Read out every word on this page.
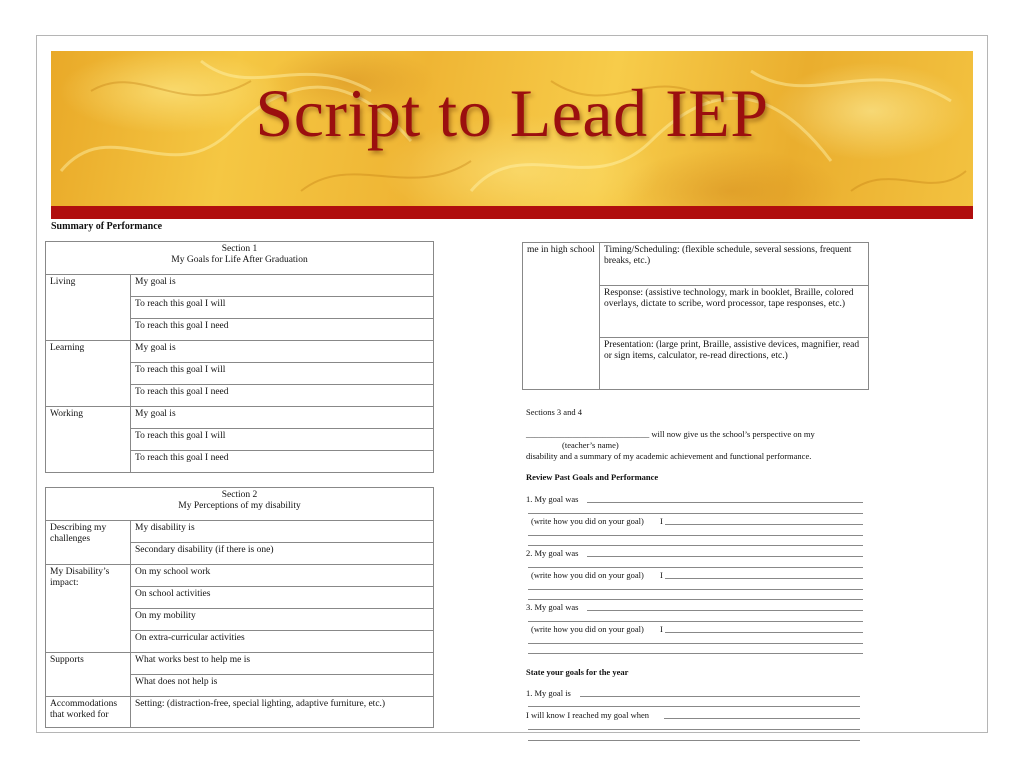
Script to Lead IEP
Summary of Performance
Section 1
My Goals for Life After Graduation	

Living	My goal is
	To reach this goal I will
	To reach this goal I need
Learning	My goal is
	To reach this goal I will
	To reach this goal I need
Working	My goal is
	To reach this goal I will
	To reach this goal I need
Section 2
My Perceptions of my disability	

Describing my challenges	My disability is
	Secondary disability (if there is one)
My Disability’s impact:	On my school work
	On school activities
	On my mobility
	On extra-curricular activities
Supports	What works best to help me is
	What does not help is
Accommodations that worked for	Setting: (distraction-free, special lighting, adaptive furniture, etc.)
me in high school	Timing/Scheduling: (flexible schedule, several sessions, frequent breaks, etc.)
Response: (assistive technology, mark in booklet, Braille, colored overlays, dictate to scribe, word processor, tape responses, etc.)
Presentation: (large print, Braille, assistive devices, magnifier, read or sign items, calculator, re-read directions, etc.)
Sections 3 and 4
_____________________________ will now give us the school’s perspective on my
(teacher’s name)
disability and a summary of my academic achievement and functional performance.
Review Past Goals and Performance
1. My goal was
(write how you did on your goal) I
2. My goal was
(write how you did on your goal) I
3. My goal was
(write how you did on your goal) I
State your goals for the year
1. My goal is
I will know I reached my goal when
